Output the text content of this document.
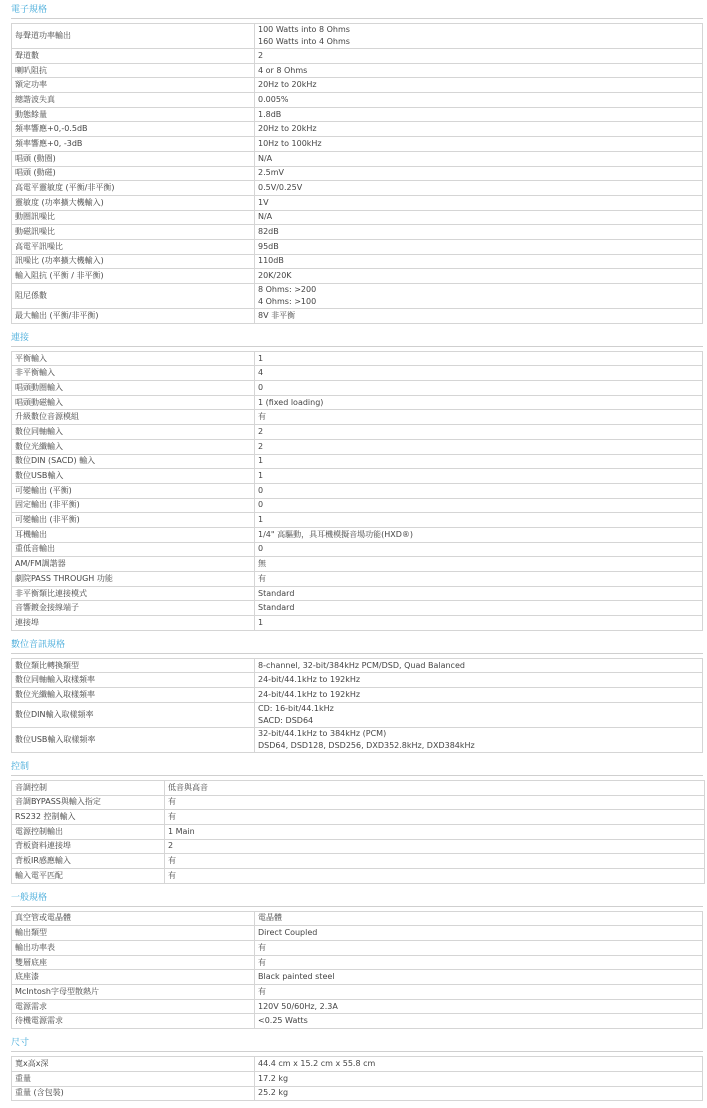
電子規格
每聲道功率輸出	100 Watts into 8 Ohms
160 Watts into 4 Ohms

聲道數	2

喇叭阻抗	4 or 8 Ohms

額定功率	20Hz to 20kHz

總諧波失真	0.005%

動態餘量	1.8dB

頻率響應+0,-0.5dB	20Hz to 20kHz

頻率響應+0, -3dB	10Hz to 100kHz

唱頭 (動圈)	N/A

唱頭 (動磁)	2.5mV

高電平靈敏度 (平衡/非平衡)	0.5V/0.25V

靈敏度 (功率擴大機輸入)	1V

動圈訊噪比	N/A

動磁訊噪比	82dB

高電平訊噪比	95dB

訊噪比 (功率擴大機輸入)	110dB

輸入阻抗 (平衡 / 非平衡)	20K/20K

阻尼係數	8 Ohms: >200
4 Ohms: >100

最大輸出 (平衡/非平衡)	8V 非平衡
連接
平衡輸入	1

非平衡輸入	4

唱頭動圈輸入	0

唱頭動磁輸入	1 (fixed loading)

升級數位音源模組	有

數位同軸輸入	2

數位光纖輸入	2

數位DIN (SACD) 輸入	1

數位USB輸入	1

可變輸出 (平衡)	0

固定輸出 (非平衡)	0

可變輸出 (非平衡)	1

耳機輸出	1/4" 高驅動，具耳機模擬音場功能(HXD®)

重低音輸出	0

AM/FM調諧器	無

劇院PASS THROUGH 功能	有

非平衡類比連接模式	Standard

音響鍍金接線端子	Standard

連接埠	1
數位音訊規格
數位類比轉換類型	8-channel, 32-bit/384kHz PCM/DSD, Quad Balanced

數位同軸輸入取樣頻率	24-bit/44.1kHz to 192kHz

數位光纖輸入取樣頻率	24-bit/44.1kHz to 192kHz

數位DIN輸入取樣頻率	CD: 16-bit/44.1kHz
SACD: DSD64

數位USB輸入取樣頻率	32-bit/44.1kHz to 384kHz (PCM)
DSD64, DSD128, DSD256, DXD352.8kHz, DXD384kHz
控制
音調控制	低音與高音

音調BYPASS與輸入指定	有

RS232 控制輸入	有

電源控制輸出	1 Main

背板資料連接埠	2

背板IR感應輸入	有

輸入電平匹配	有
一般規格
真空管或電晶體	電晶體

輸出類型	Direct Coupled

輸出功率表	有

雙層底座	有

底座漆	Black painted steel

McIntosh字母型散熱片	有

電源需求	120V 50/60Hz, 2.3A

待機電源需求	<0.25 Watts
尺寸
寬x高x深	44.4 cm x 15.2 cm x 55.8 cm

重量	17.2 kg

重量 (含包裝)	25.2 kg
